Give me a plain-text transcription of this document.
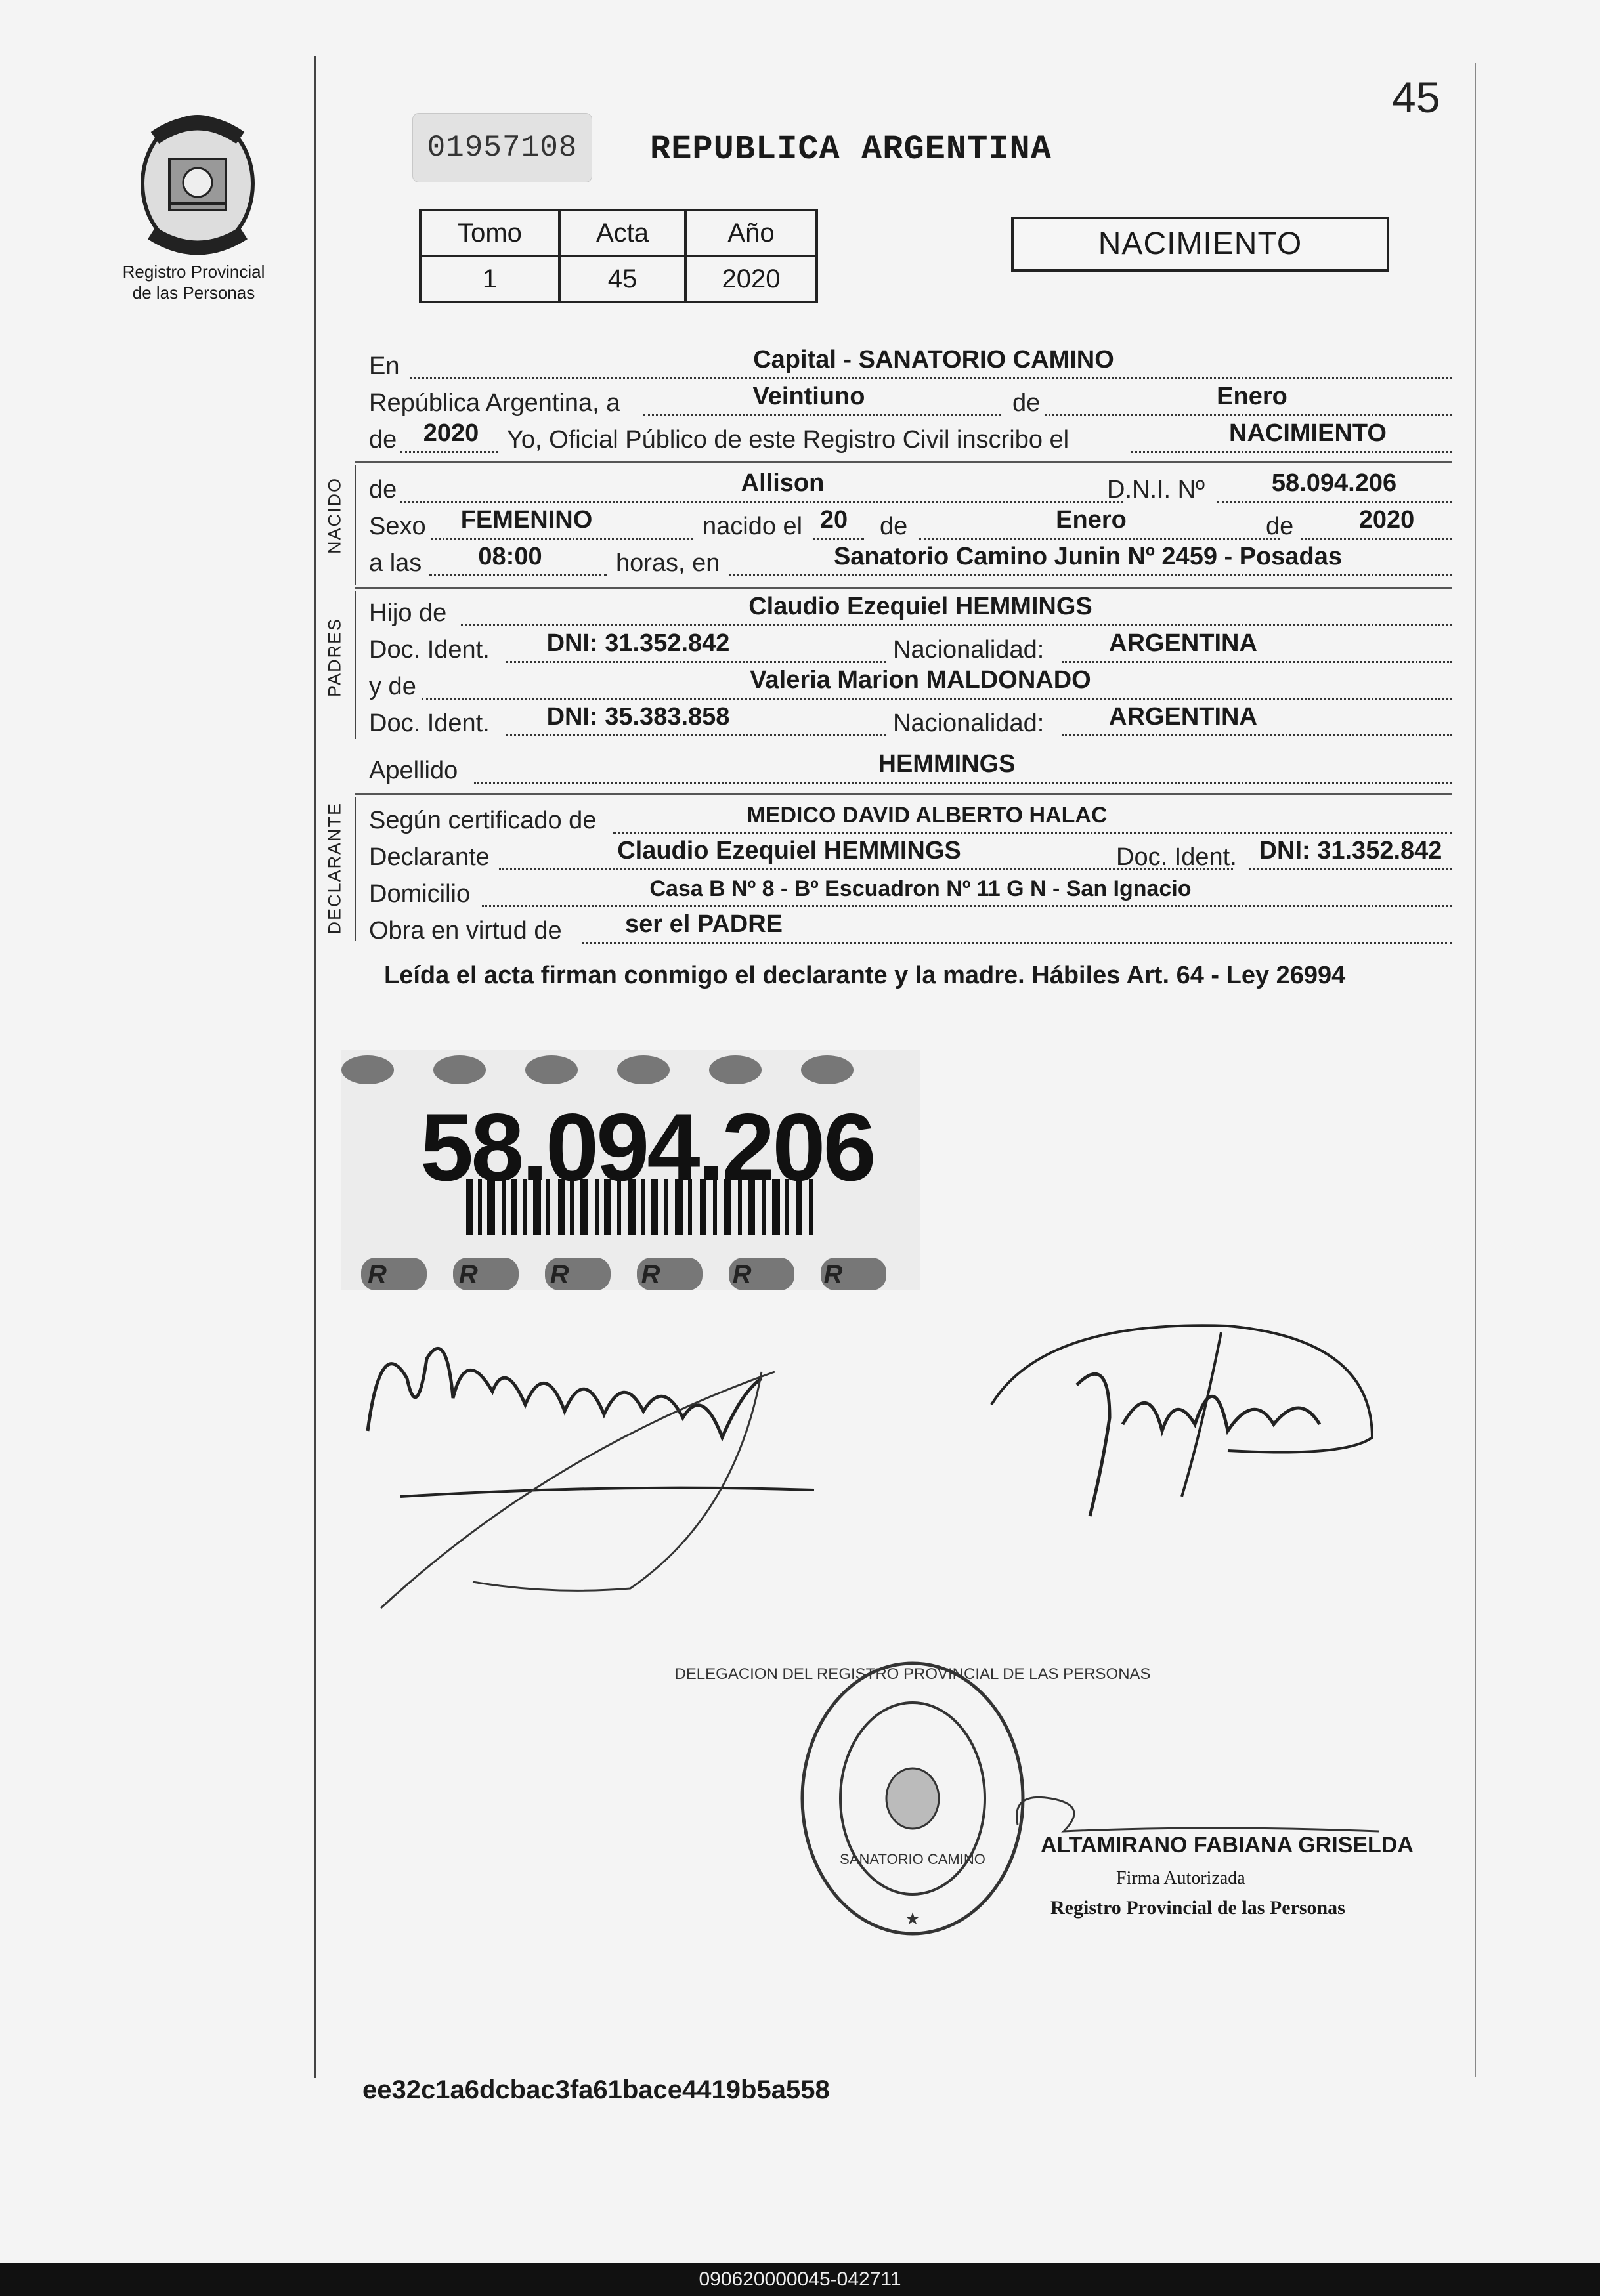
Registro Provincial
de las Personas
01957108	REPUBLICA ARGENTINA
45
Tomo	Acta	Año
1	45	2020
NACIMIENTO
En	Capital - SANATORIO CAMINO
República Argentina, a	Veintiuno	de	Enero
de	2020	Yo, Oficial Público de este Registro Civil inscribo el	NACIMIENTO
NACIDO de	Allison	D.N.I. Nº	58.094.206
Sexo	FEMENINO	nacido el 20 de	Enero	de	2020
a las	08:00	horas, en	Sanatorio Camino Junin Nº 2459 - Posadas
PADRES
Hijo de	Claudio Ezequiel HEMMINGS
Doc. Ident.	DNI: 31.352.842	Nacionalidad:	ARGENTINA
y de	Valeria Marion MALDONADO
Doc. Ident.	DNI: 35.383.858	Nacionalidad:	ARGENTINA
Apellido	HEMMINGS
DECLARANTE Según certificado de	MEDICO DAVID ALBERTO HALAC
Declarante	Claudio Ezequiel HEMMINGS	Doc. Ident. DNI: 31.352.842
Domicilio	Casa B Nº 8 - Bº Escuadron Nº 11 G N - San Ignacio
Obra en virtud de	ser el PADRE
Leída el acta firman conmigo el declarante y la madre. Hábiles Art. 64 - Ley 26994
58.094.206
RRRRRR
DELEGACION DEL REGISTRO PROVINCIAL DE LAS PERSONAS
SANATORIO CAMINO
★
ALTAMIRANO FABIANA GRISELDA
Firma Autorizada
Registro Provincial de las Personas
ee32c1a6dcbac3fa61bace4419b5a558
090620000045-042711
